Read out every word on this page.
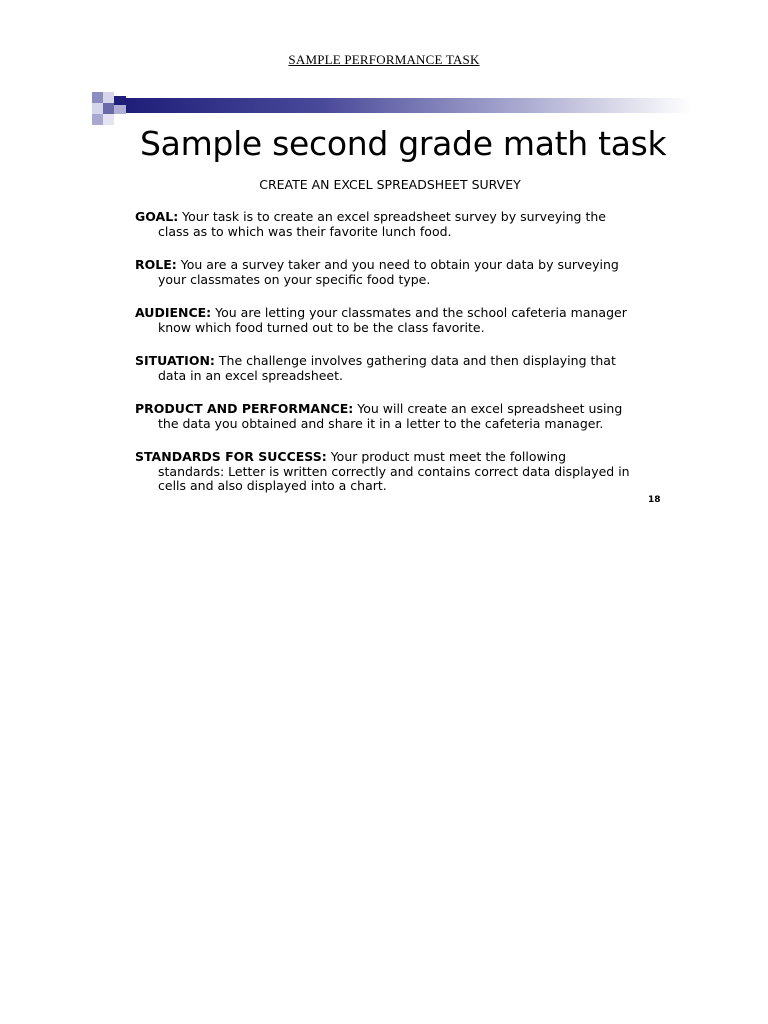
SAMPLE PERFORMANCE TASK
Sample second grade math task
CREATE AN EXCEL SPREADSHEET SURVEY
GOAL: Your task is to create an excel spreadsheet survey by surveying the
class as to which was their favorite lunch food.
ROLE: You are a survey taker and you need to obtain your data by surveying
your classmates on your specific food type.
AUDIENCE: You are letting your classmates and the school cafeteria manager
know which food turned out to be the class favorite.
SITUATION: The challenge involves gathering data and then displaying that
data in an excel spreadsheet.
PRODUCT AND PERFORMANCE: You will create an excel spreadsheet using
the data you obtained and share it in a letter to the cafeteria manager.
STANDARDS FOR SUCCESS: Your product must meet the following
standards: Letter is written correctly and contains correct data displayed in
cells and also displayed into a chart.
18
